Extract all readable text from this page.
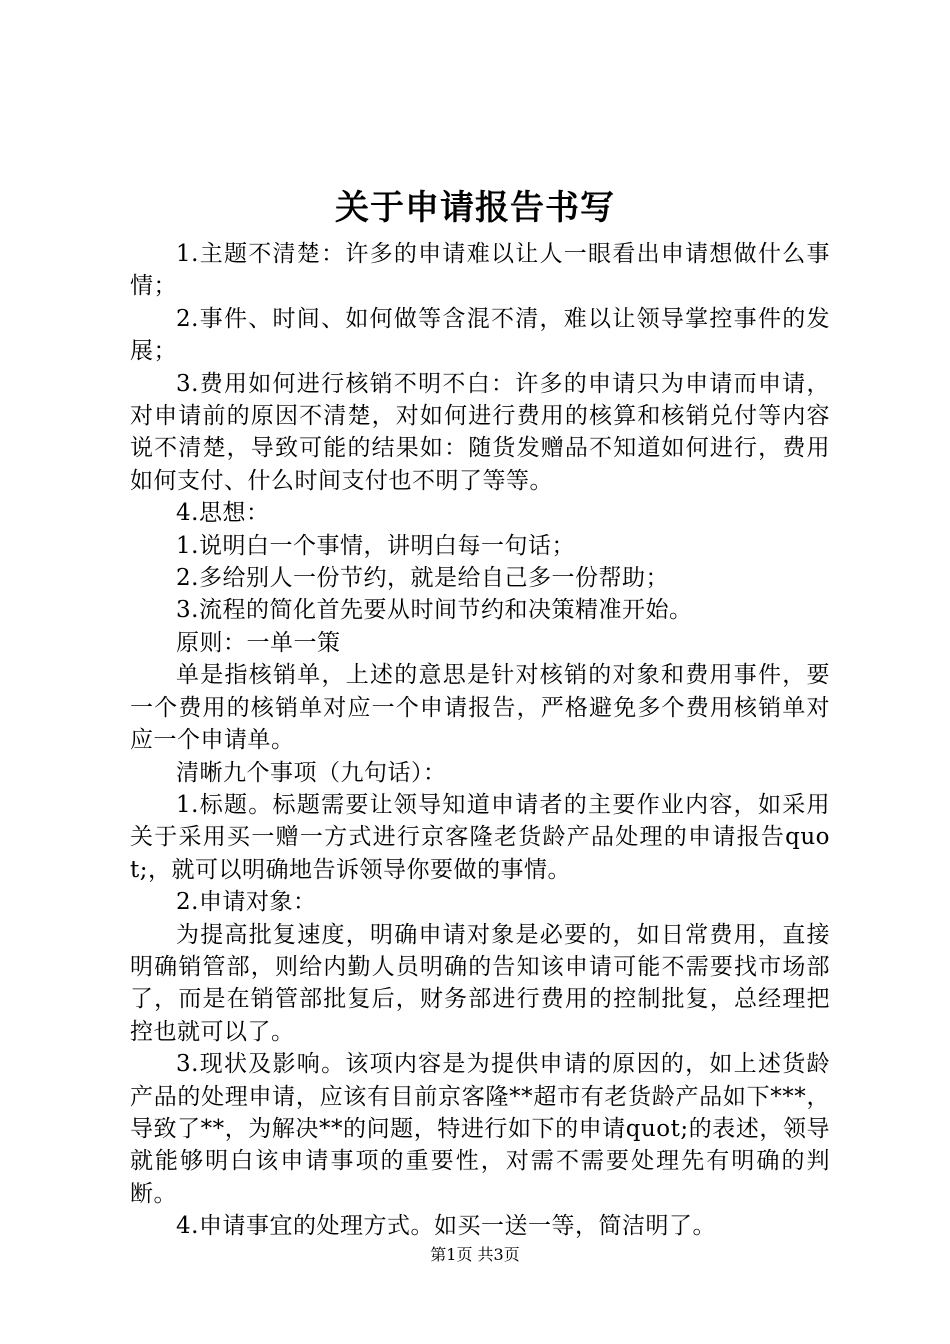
关于申请报告书写

1.主题不清楚：许多的申请难以让人一眼看出申请想做什么事情；

2.事件、时间、如何做等含混不清，难以让领导掌控事件的发展；

3.费用如何进行核销不明不白：许多的申请只为申请而申请，对申请前的原因不清楚，对如何进行费用的核算和核销兑付等内容说不清楚，导致可能的结果如：随货发赠品不知道如何进行，费用如何支付、什么时间支付也不明了等等。

4.思想：

1.说明白一个事情，讲明白每一句话；

2.多给别人一份节约，就是给自己多一份帮助；

3.流程的简化首先要从时间节约和决策精准开始。

原则：一单一策

单是指核销单，上述的意思是针对核销的对象和费用事件，要一个费用的核销单对应一个申请报告，严格避免多个费用核销单对应一个申请单。

清晰九个事项（九句话）：

1.标题。标题需要让领导知道申请者的主要作业内容，如采用关于采用买一赠一方式进行京客隆老货龄产品处理的申请报告quot;，就可以明确地告诉领导你要做的事情。

2.申请对象：

为提高批复速度，明确申请对象是必要的，如日常费用，直接明确销管部，则给内勤人员明确的告知该申请可能不需要找市场部了，而是在销管部批复后，财务部进行费用的控制批复，总经理把控也就可以了。

3.现状及影响。该项内容是为提供申请的原因的，如上述货龄产品的处理申请，应该有目前京客隆**超市有老货龄产品如下***，导致了**，为解决**的问题，特进行如下的申请quot;的表述，领导就能够明白该申请事项的重要性，对需不需要处理先有明确的判断。

4.申请事宜的处理方式。如买一送一等，简洁明了。

第1页 共3页
